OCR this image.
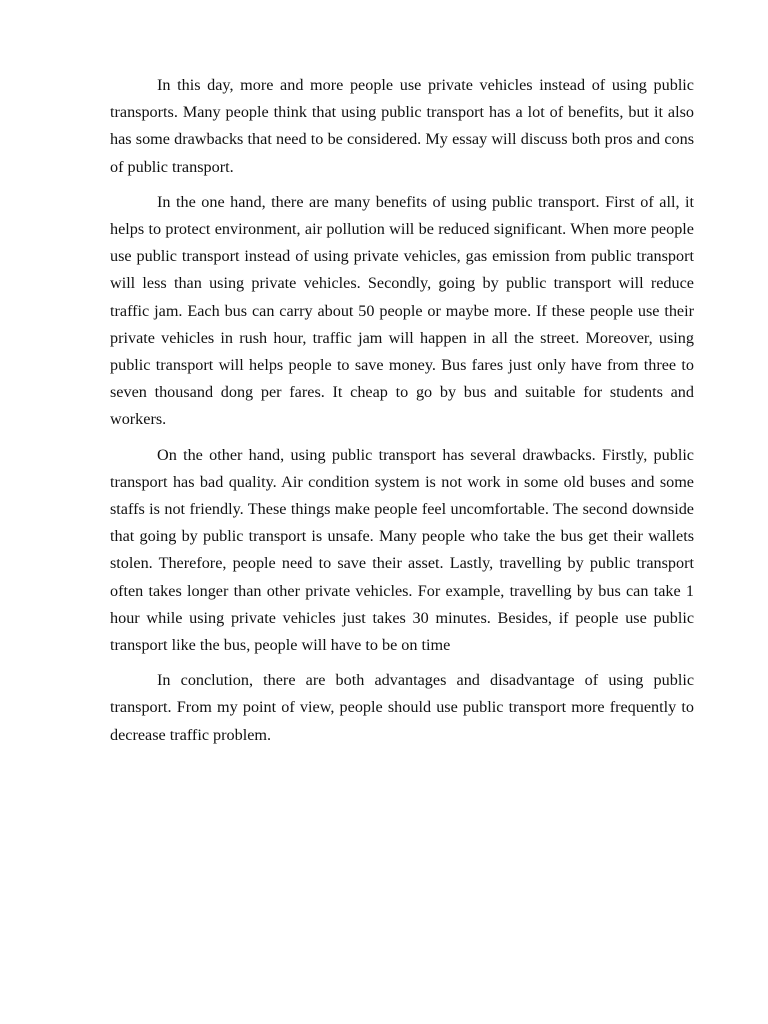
In this day, more and more people use private vehicles instead of using public transports. Many people think that using public transport has a lot of benefits, but it also has some drawbacks that need to be considered. My essay will discuss both pros and cons of public transport.

In the one hand, there are many benefits of using public transport. First of all, it helps to protect environment, air pollution will be reduced significant. When more people use public transport instead of using private vehicles, gas emission from public transport will less than using private vehicles. Secondly, going by public transport will reduce traffic jam. Each bus can carry about 50 people or maybe more. If these people use their private vehicles in rush hour, traffic jam will happen in all the street. Moreover, using public transport will helps people to save money. Bus fares just only have from three to seven thousand dong per fares. It cheap to go by bus and suitable for students and workers.

On the other hand, using public transport has several drawbacks. Firstly, public transport has bad quality. Air condition system is not work in some old buses and some staffs is not friendly. These things make people feel uncomfortable. The second downside that going by public transport is unsafe. Many people who take the bus get their wallets stolen. Therefore, people need to save their asset. Lastly, travelling by public transport often takes longer than other private vehicles. For example, travelling by bus can take 1 hour while using private vehicles just takes 30 minutes. Besides, if people use public transport like the bus, people will have to be on time

In conclution, there are both advantages and disadvantage of using public transport. From my point of view, people should use public transport more frequently to decrease traffic problem.
